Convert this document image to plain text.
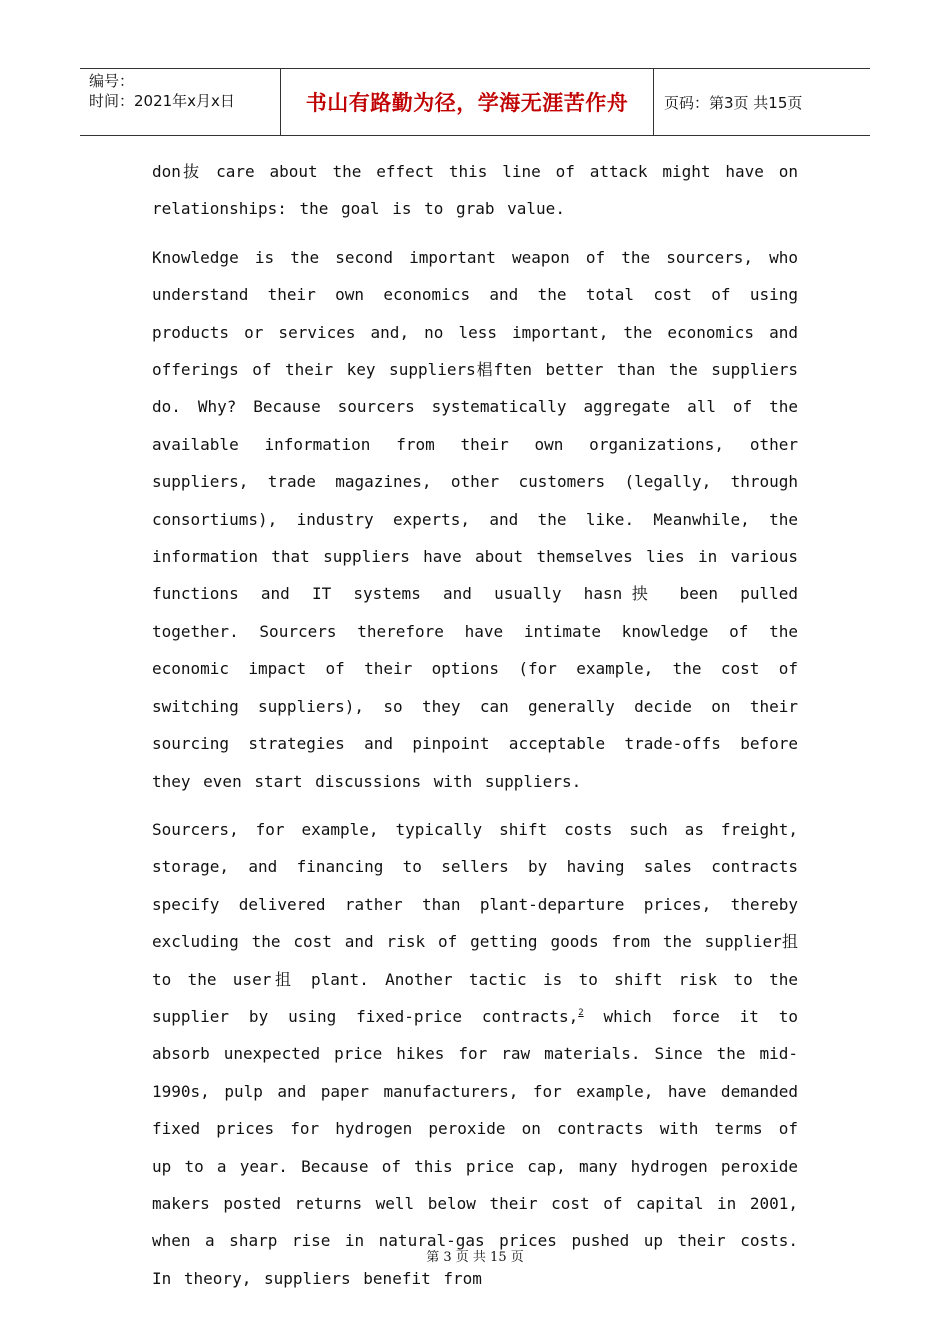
编号：
时间：2021年x月x日	书山有路勤为径，学海无涯苦作舟	页码：第3页 共15页

don抜 care about the effect this line of attack might have on relationships: the goal is to grab value.

Knowledge is the second important weapon of the sourcers, who understand their own economics and the total cost of using products or services and, no less important, the economics and offerings of their key suppliers椙ften better than the suppliers do. Why? Because sourcers systematically aggregate all of the available information from their own organizations, other suppliers, trade magazines, other customers (legally, through consortiums), industry experts, and the like. Meanwhile, the information that suppliers have about themselves lies in various functions and IT systems and usually hasn抰 been pulled together. Sourcers therefore have intimate knowledge of the economic impact of their options (for example, the cost of switching suppliers), so they can generally decide on their sourcing strategies and pinpoint acceptable trade-offs before they even start discussions with suppliers.

Sourcers, for example, typically shift costs such as freight, storage, and financing to sellers by having sales contracts specify delivered rather than plant-departure prices, thereby excluding the cost and risk of getting goods from the supplier抯 to the user抯 plant. Another tactic is to shift risk to the supplier by using fixed-price contracts,$^2$ which force it to absorb unexpected price hikes for raw materials. Since the mid-1990s, pulp and paper manufacturers, for example, have demanded fixed prices for hydrogen peroxide on contracts with terms of up to a year. Because of this price cap, many hydrogen peroxide makers posted returns well below their cost of capital in 2001, when a sharp rise in natural-gas prices pushed up their costs. In theory, suppliers benefit from

第 3 页 共 15 页
